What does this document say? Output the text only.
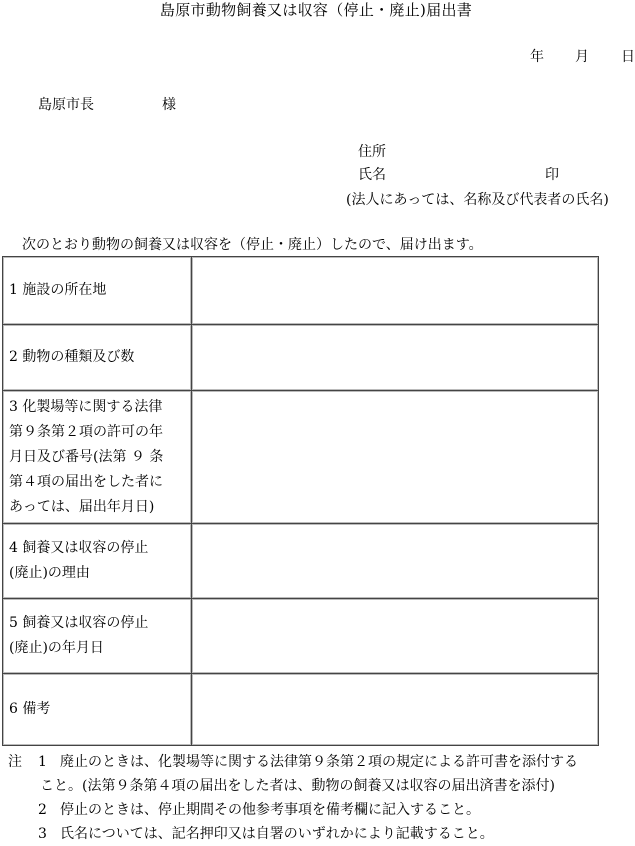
島原市動物飼養又は収容（停止・廃止)届出書
年 月 日
島原市長	様
住所
氏名	印
(法人にあっては、名称及び代表者の氏名)
次のとおり動物の飼養又は収容を（停止・廃止）したので、届け出ます。
1 施設の所在地	

2 動物の種類及び数	

3 化製場等に関する法律
第９条第２項の許可の年
月日及び番号(法第 ９ 条
第４項の届出をした者に
あっては、届出年月日)	

4 飼養又は収容の停止
(廃止)の理由	

5 飼養又は収容の停止
(廃止)の年月日	

6 備考	

注 1 廃止のときは、化製場等に関する法律第９条第２項の規定による許可書を添付する
こと。(法第９条第４項の届出をした者は、動物の飼養又は収容の届出済書を添付)
2 停止のときは、停止期間その他参考事項を備考欄に記入すること。
3 氏名については、記名押印又は自署のいずれかにより記載すること。
